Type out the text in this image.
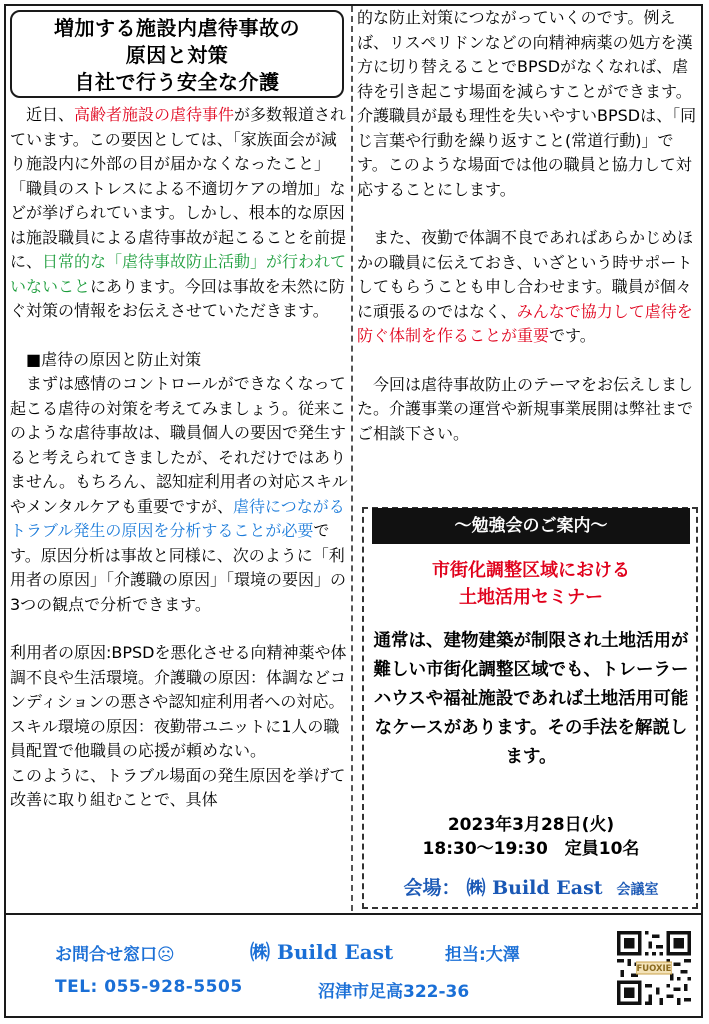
増加する施設内虐待事故の
原因と対策
自社で行う安全な介護

近日、高齢者施設の虐待事件が多数報道されています。この要因としては、「家族面会が減り施設内に外部の目が届かなくなったこと」「職員のストレスによる不適切ケアの増加」などが挙げられています。しかし、根本的な原因は施設職員による虐待事故が起こることを前提に、日常的な「虐待事故防止活動」が行われていないことにあります。今回は事故を未然に防ぐ対策の情報をお伝えさせていただきます。

■虐待の原因と防止対策

まずは感情のコントロールができなくなって起こる虐待の対策を考えてみましょう。従来このような虐待事故は、職員個人の要因で発生すると考えられてきましたが、それだけではありません。もちろん、認知症利用者の対応スキルやメンタルケアも重要ですが、虐待につながるトラブル発生の原因を分析することが必要です。原因分析は事故と同様に、次のように「利用者の原因」「介護職の原因」「環境の要因」の3つの観点で分析できます。

利用者の原因:BPSDを悪化させる向精神薬や体調不良や生活環境。介護職の原因：体調などコンディションの悪さや認知症利用者への対応。スキル環境の原因：夜勤帯ユニットに1人の職員配置で他職員の応援が頼めない。

このように、トラブル場面の発生原因を挙げて改善に取り組むことで、具体

的な防止対策につながっていくのです。例えば、リスペリドンなどの向精神病薬の処方を漢方に切り替えることでBPSDがなくなれば、虐待を引き起こす場面を減らすことができます。介護職員が最も理性を失いやすいBPSDは、「同じ言葉や行動を繰り返すこと(常道行動)」です。このような場面では他の職員と協力して対応することにします。

また、夜勤で体調不良であればあらかじめほかの職員に伝えておき、いざという時サポートしてもらうことも申し合わせます。職員が個々に頑張るのではなく、みんなで協力して虐待を防ぐ体制を作ることが重要です。

今回は虐待事故防止のテーマをお伝えしました。介護事業の運営や新規事業展開は弊社までご相談下さい。

～勉強会のご案内～
市街化調整区域における
土地活用セミナー
通常は、建物建築が制限され土地活用が難しい市街化調整区域でも、トレーラーハウスや福祉施設であれば土地活用可能なケースがあります。その手法を解説します。
2023年3月28日(火)
18:30～19:30　定員10名
会場： ㈱ Build East 会議室
お問合せ窓口☹	㈱ Build East	担当:大澤
TEL: 055-928-5505	沼津市足高322-36
FUOXIE
